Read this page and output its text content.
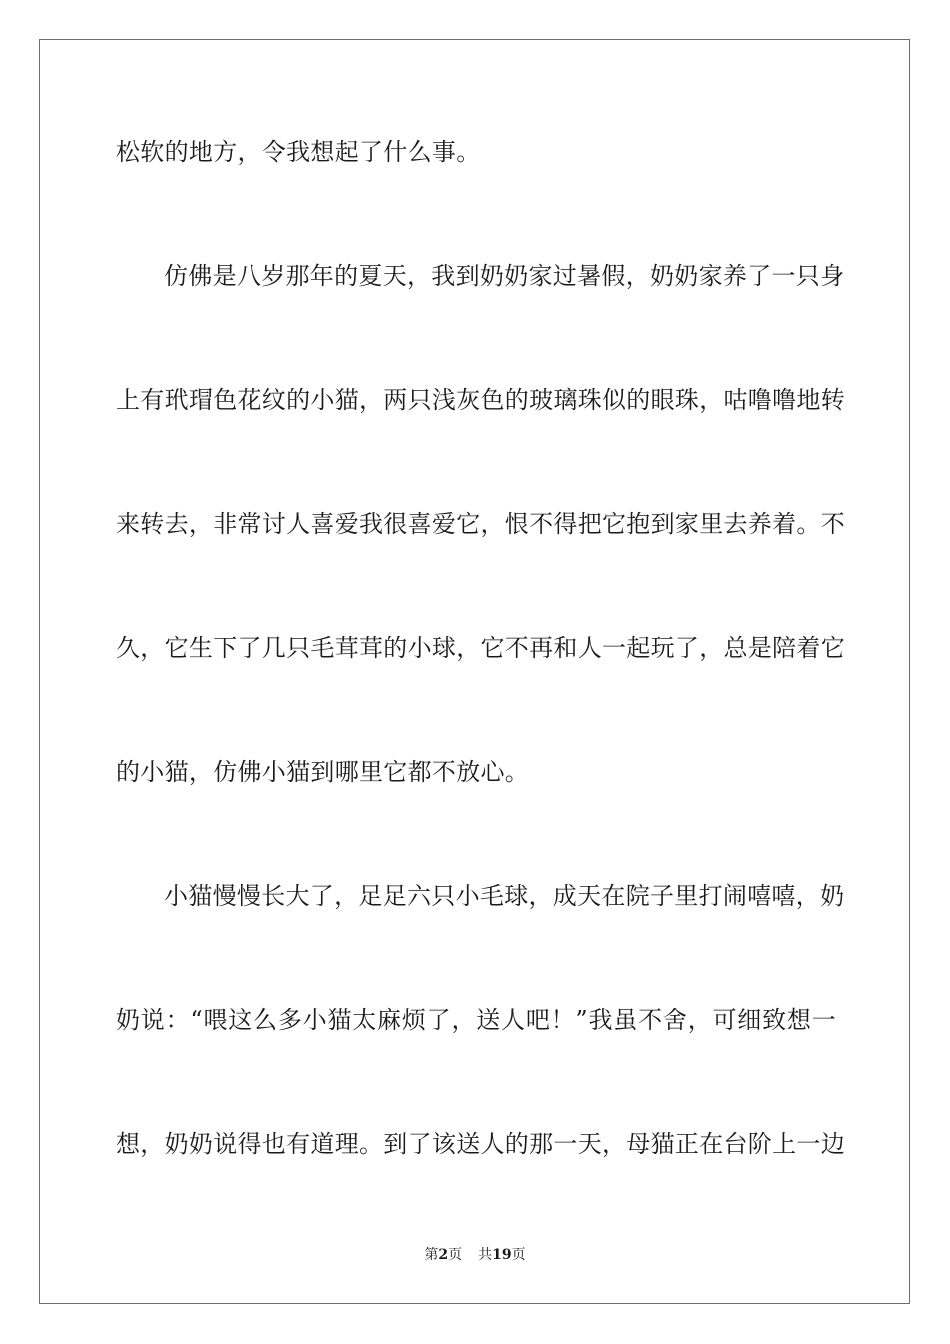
松软的地方，令我想起了什么事。
仿佛是八岁那年的夏天，我到奶奶家过暑假，奶奶家养了一只身
上有玳瑁色花纹的小猫，两只浅灰色的玻璃珠似的眼珠，咕噜噜地转
来转去，非常讨人喜爱我很喜爱它，恨不得把它抱到家里去养着。不
久，它生下了几只毛茸茸的小球，它不再和人一起玩了，总是陪着它
的小猫，仿佛小猫到哪里它都不放心。
小猫慢慢长大了，足足六只小毛球，成天在院子里打闹嘻嘻，奶
奶说：“喂这么多小猫太麻烦了，送人吧！”我虽不舍，可细致想一
想，奶奶说得也有道理。到了该送人的那一天，母猫正在台阶上一边
第2页 共19页
